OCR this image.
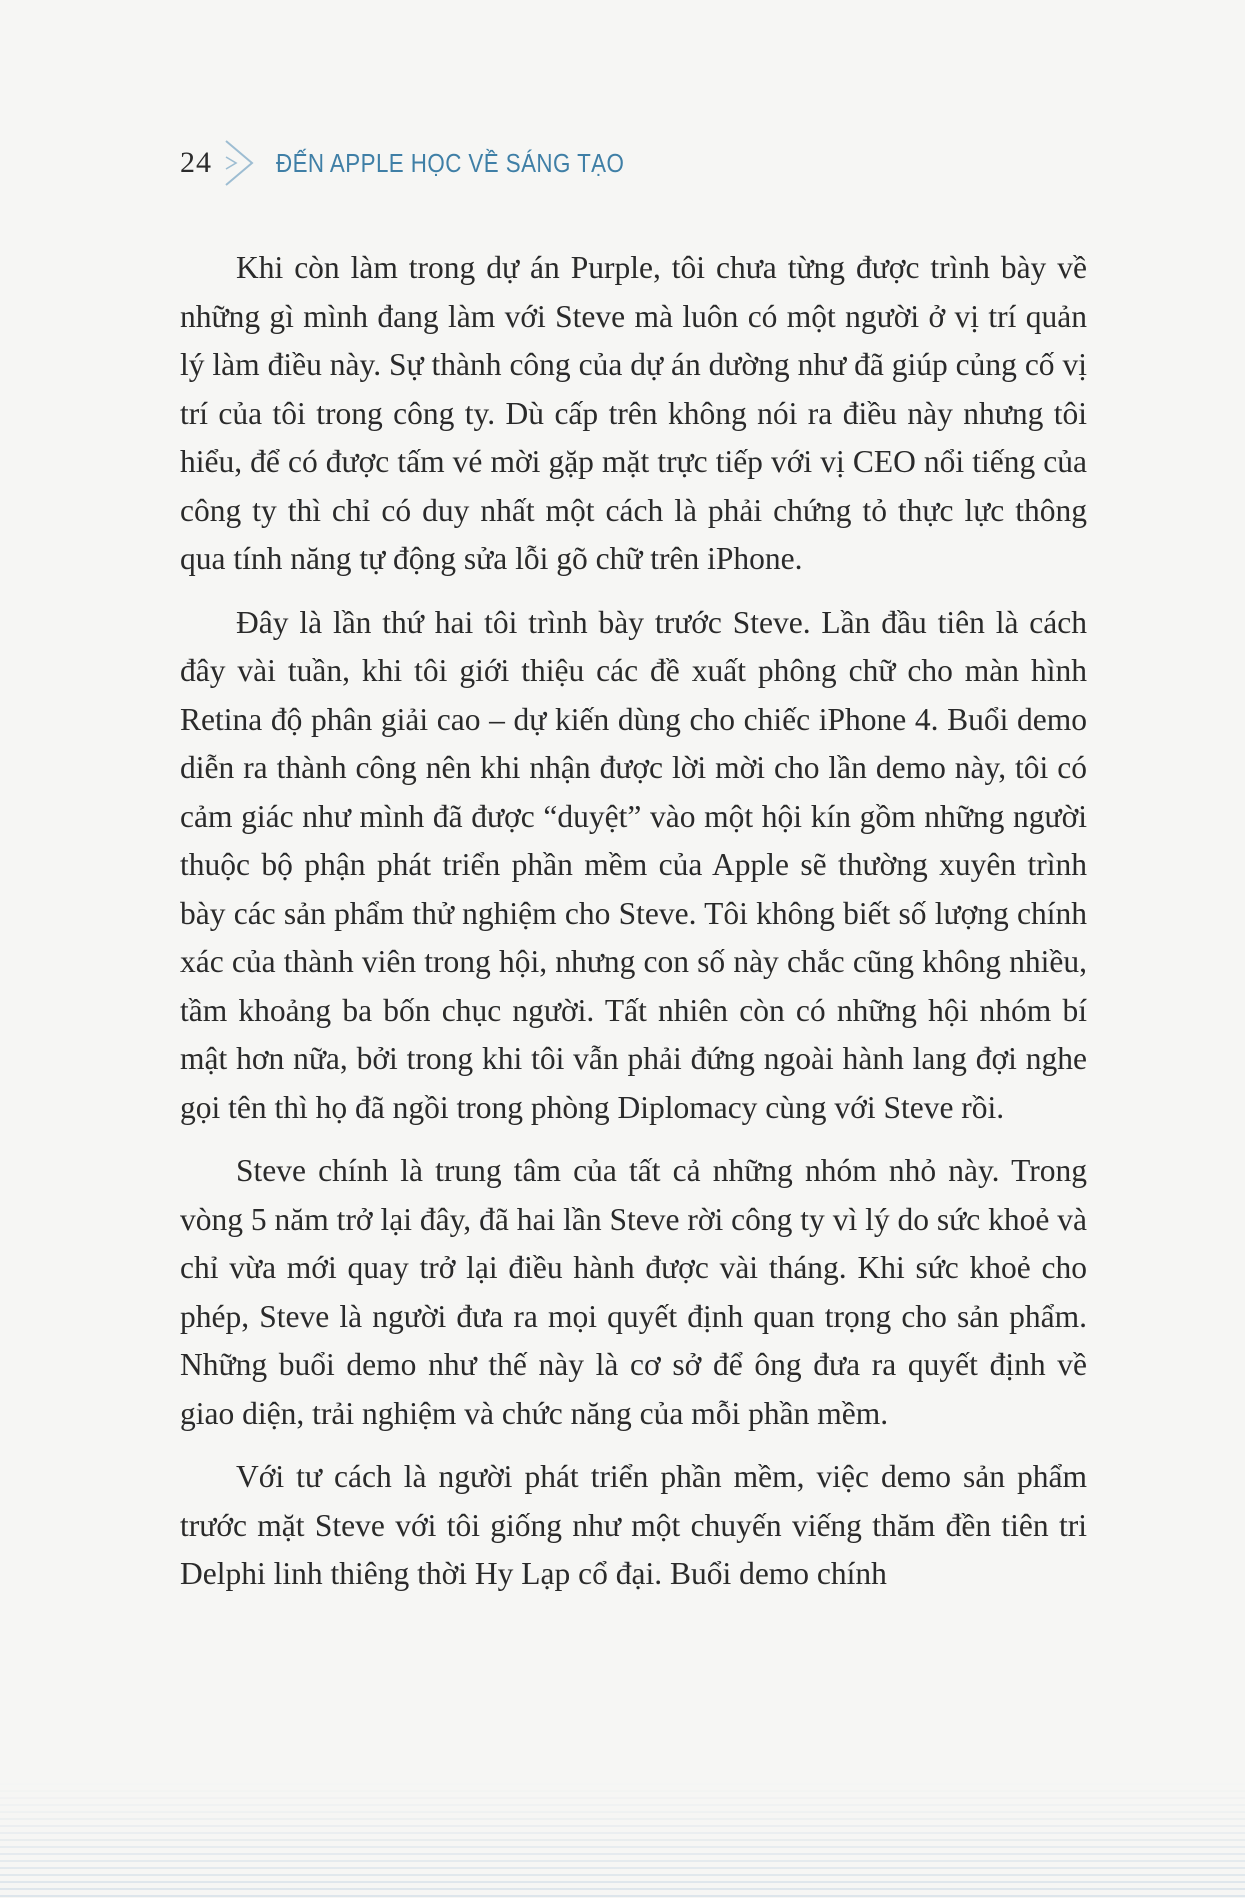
24 ĐẾN APPLE HỌC VỀ SÁNG TẠO

Khi còn làm trong dự án Purple, tôi chưa từng được trình bày về những gì mình đang làm với Steve mà luôn có một người ở vị trí quản lý làm điều này. Sự thành công của dự án dường như đã giúp củng cố vị trí của tôi trong công ty. Dù cấp trên không nói ra điều này nhưng tôi hiểu, để có được tấm vé mời gặp mặt trực tiếp với vị CEO nổi tiếng của công ty thì chỉ có duy nhất một cách là phải chứng tỏ thực lực thông qua tính năng tự động sửa lỗi gõ chữ trên iPhone.

Đây là lần thứ hai tôi trình bày trước Steve. Lần đầu tiên là cách đây vài tuần, khi tôi giới thiệu các đề xuất phông chữ cho màn hình Retina độ phân giải cao – dự kiến dùng cho chiếc iPhone 4. Buổi demo diễn ra thành công nên khi nhận được lời mời cho lần demo này, tôi có cảm giác như mình đã được “duyệt” vào một hội kín gồm những người thuộc bộ phận phát triển phần mềm của Apple sẽ thường xuyên trình bày các sản phẩm thử nghiệm cho Steve. Tôi không biết số lượng chính xác của thành viên trong hội, nhưng con số này chắc cũng không nhiều, tầm khoảng ba bốn chục người. Tất nhiên còn có những hội nhóm bí mật hơn nữa, bởi trong khi tôi vẫn phải đứng ngoài hành lang đợi nghe gọi tên thì họ đã ngồi trong phòng Diplomacy cùng với Steve rồi.

Steve chính là trung tâm của tất cả những nhóm nhỏ này. Trong vòng 5 năm trở lại đây, đã hai lần Steve rời công ty vì lý do sức khoẻ và chỉ vừa mới quay trở lại điều hành được vài tháng. Khi sức khoẻ cho phép, Steve là người đưa ra mọi quyết định quan trọng cho sản phẩm. Những buổi demo như thế này là cơ sở để ông đưa ra quyết định về giao diện, trải nghiệm và chức năng của mỗi phần mềm.

Với tư cách là người phát triển phần mềm, việc demo sản phẩm trước mặt Steve với tôi giống như một chuyến viếng thăm đền tiên tri Delphi linh thiêng thời Hy Lạp cổ đại. Buổi demo chính
